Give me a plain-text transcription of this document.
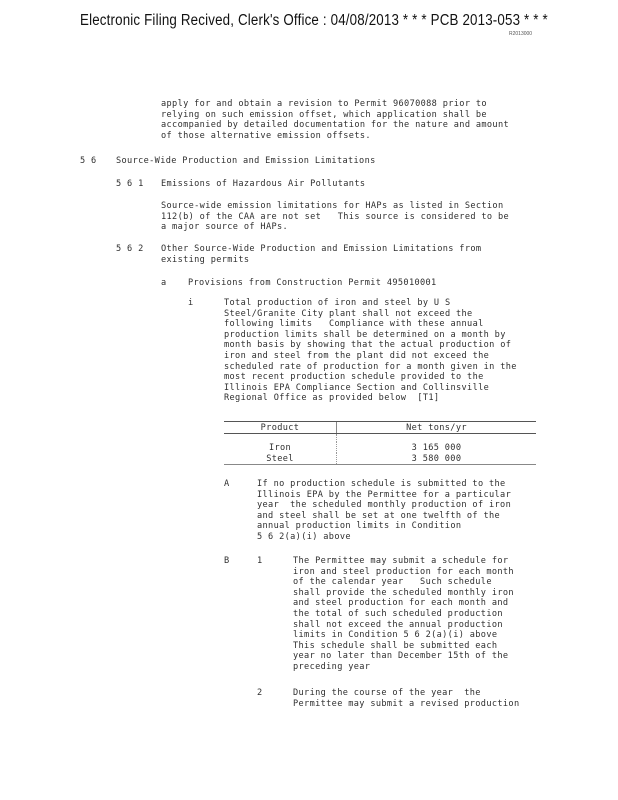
Electronic Filing Recived, Clerk's Office : 04/08/2013 * * * PCB 2013-053 * * *
R2013000
apply for and obtain a revision to Permit 96070088 prior to
relying on such emission offset, which application shall be
accompanied by detailed documentation for the nature and amount
of those alternative emission offsets.
5 6 Source-Wide Production and Emission Limitations
5 6 1 Emissions of Hazardous Air Pollutants
Source-wide emission limitations for HAPs as listed in Section
112(b) of the CAA are not set   This source is considered to be
a major source of HAPs.
5 6 2 Other Source-Wide Production and Emission Limitations from
existing permits
a Provisions from Construction Permit 495010001
i	Total production of iron and steel by U S
Steel/Granite City plant shall not exceed the
following limits   Compliance with these annual
production limits shall be determined on a month by
month basis by showing that the actual production of
iron and steel from the plant did not exceed the
scheduled rate of production for a month given in the
most recent production schedule provided to the
Illinois EPA Compliance Section and Collinsville
Regional Office as provided below  [T1]
Product	Net tons/yr

Iron	3 165 000
Steel	3 580 000
A	If no production schedule is submitted to the
Illinois EPA by the Permittee for a particular
year  the scheduled monthly production of iron
and steel shall be set at one twelfth of the
annual production limits in Condition
5 6 2(a)(i) above
B	1	The Permittee may submit a schedule for
iron and steel production for each month
of the calendar year   Such schedule
shall provide the scheduled monthly iron
and steel production for each month and
the total of such scheduled production
shall not exceed the annual production
limits in Condition 5 6 2(a)(i) above
This schedule shall be submitted each
year no later than December 15th of the
preceding year
2	During the course of the year  the
Permittee may submit a revised production
